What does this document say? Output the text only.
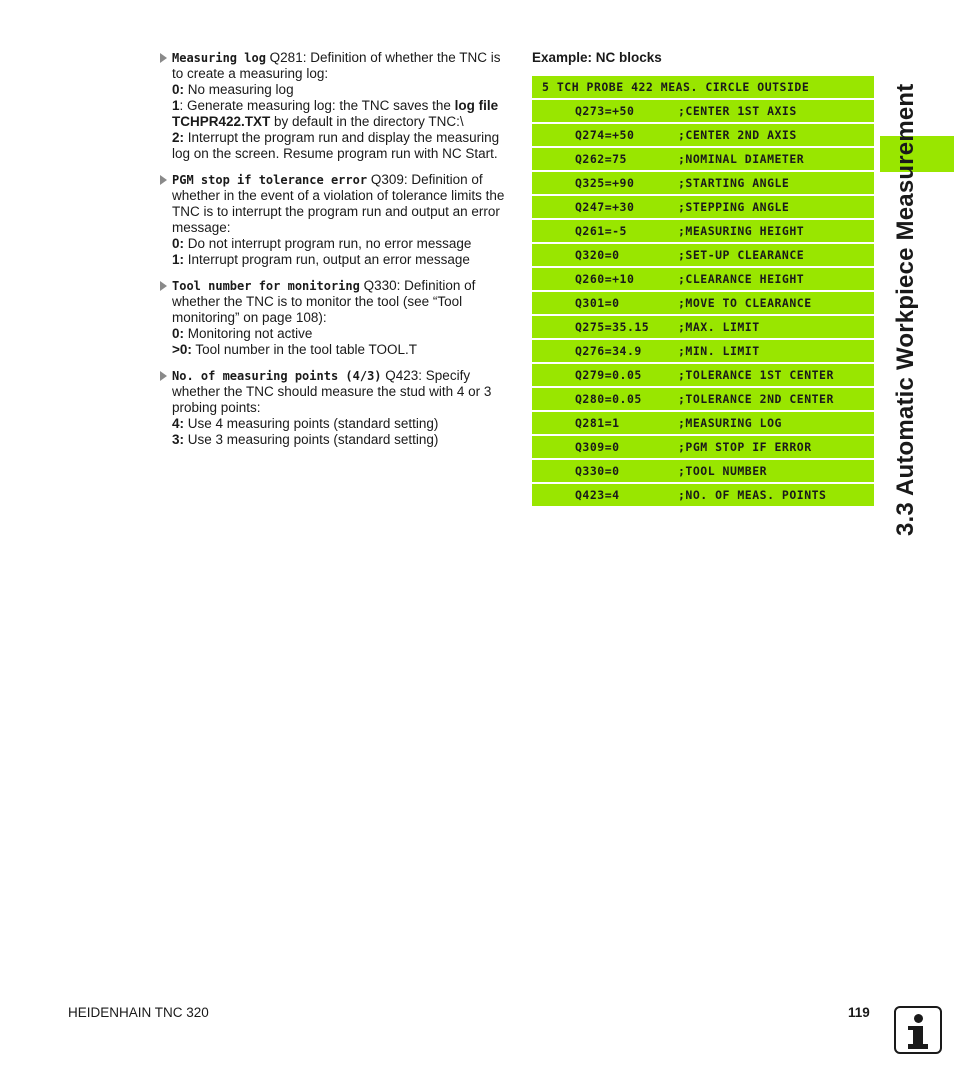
Measuring log Q281: Definition of whether the TNC is to create a measuring log:
0: No measuring log
1: Generate measuring log: the TNC saves the log file TCHPR422.TXT by default in the directory TNC:\
2: Interrupt the program run and display the measuring log on the screen. Resume program run with NC Start.
PGM stop if tolerance error Q309: Definition of whether in the event of a violation of tolerance limits the TNC is to interrupt the program run and output an error message:
0: Do not interrupt program run, no error message
1: Interrupt program run, output an error message
Tool number for monitoring Q330: Definition of whether the TNC is to monitor the tool (see “Tool monitoring” on page 108):
0: Monitoring not active
>0: Tool number in the tool table TOOL.T
No. of measuring points (4/3) Q423: Specify whether the TNC should measure the stud with 4 or 3 probing points:
4: Use 4 measuring points (standard setting)
3: Use 3 measuring points (standard setting)
Example: NC blocks
5 TCH PROBE 422 MEAS. CIRCLE OUTSIDE
Q273=+50	;CENTER 1ST AXIS
Q274=+50	;CENTER 2ND AXIS
Q262=75	;NOMINAL DIAMETER
Q325=+90	;STARTING ANGLE
Q247=+30	;STEPPING ANGLE
Q261=-5	;MEASURING HEIGHT
Q320=0	;SET-UP CLEARANCE
Q260=+10	;CLEARANCE HEIGHT
Q301=0	;MOVE TO CLEARANCE
Q275=35.15	;MAX. LIMIT
Q276=34.9	;MIN. LIMIT
Q279=0.05	;TOLERANCE 1ST CENTER
Q280=0.05	;TOLERANCE 2ND CENTER
Q281=1	;MEASURING LOG
Q309=0	;PGM STOP IF ERROR
Q330=0	;TOOL NUMBER
Q423=4	;NO. OF MEAS. POINTS	3.3 Automatic Workpiece Measurement
HEIDENHAIN TNC 320	119
